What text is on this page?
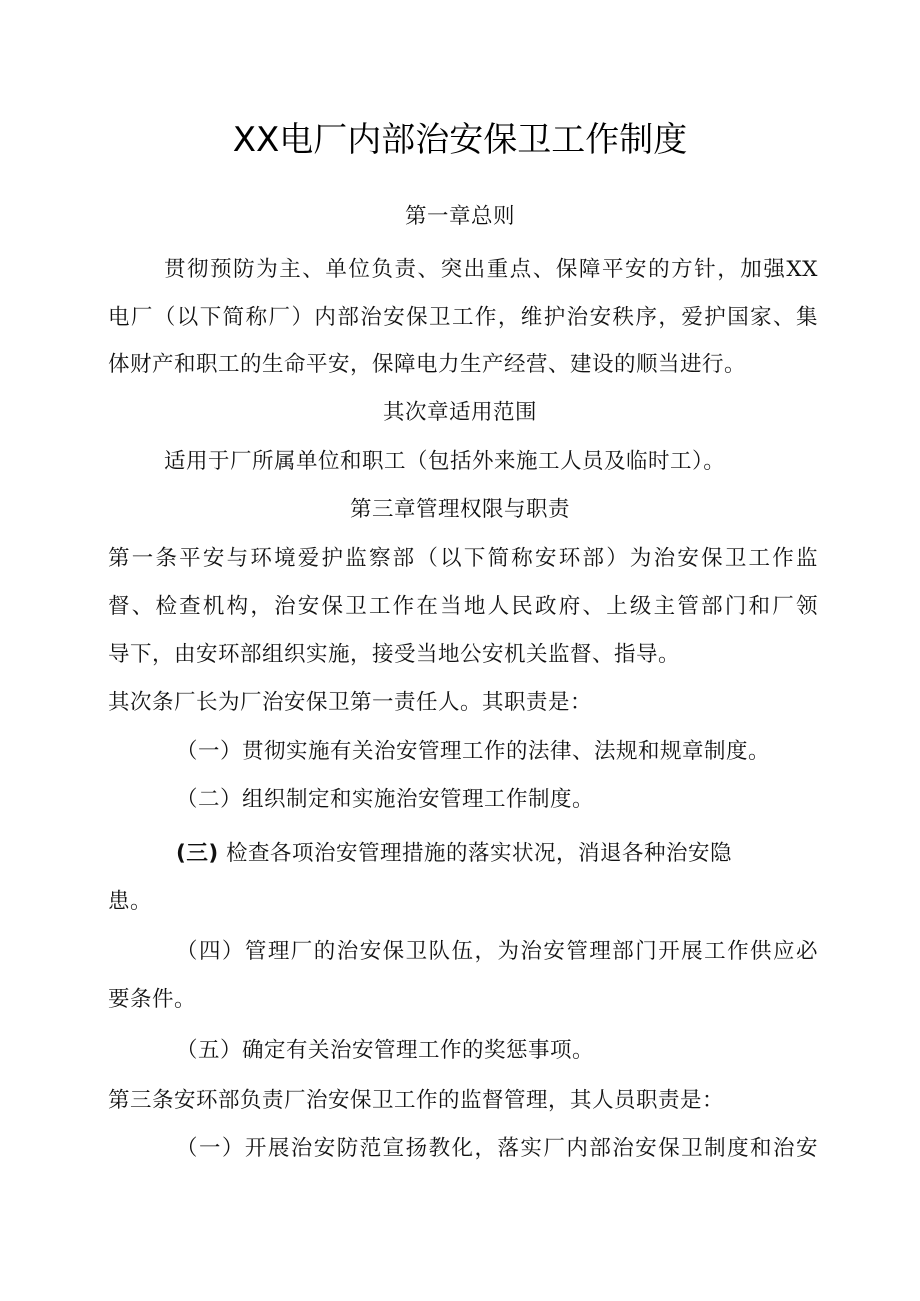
XX电厂内部治安保卫工作制度
第一章总则
贯彻预防为主、单位负责、突出重点、保障平安的方针，加强XX
电厂（以下简称厂）内部治安保卫工作，维护治安秩序，爱护国家、集
体财产和职工的生命平安，保障电力生产经营、建设的顺当进行。
其次章适用范围
适用于厂所属单位和职工（包括外来施工人员及临时工）。
第三章管理权限与职责
第一条平安与环境爱护监察部（以下简称安环部）为治安保卫工作监
督、检查机构，治安保卫工作在当地人民政府、上级主管部门和厂领
导下，由安环部组织实施，接受当地公安机关监督、指导。
其次条厂长为厂治安保卫第一责任人。其职责是：
（一）贯彻实施有关治安管理工作的法律、法规和规章制度。
（二）组织制定和实施治安管理工作制度。
(三) 检查各项治安管理措施的落实状况，消退各种治安隐
患。
（四）管理厂的治安保卫队伍，为治安管理部门开展工作供应必
要条件。
（五）确定有关治安管理工作的奖惩事项。
第三条安环部负责厂治安保卫工作的监督管理，其人员职责是：
（一）开展治安防范宣扬教化，落实厂内部治安保卫制度和治安
